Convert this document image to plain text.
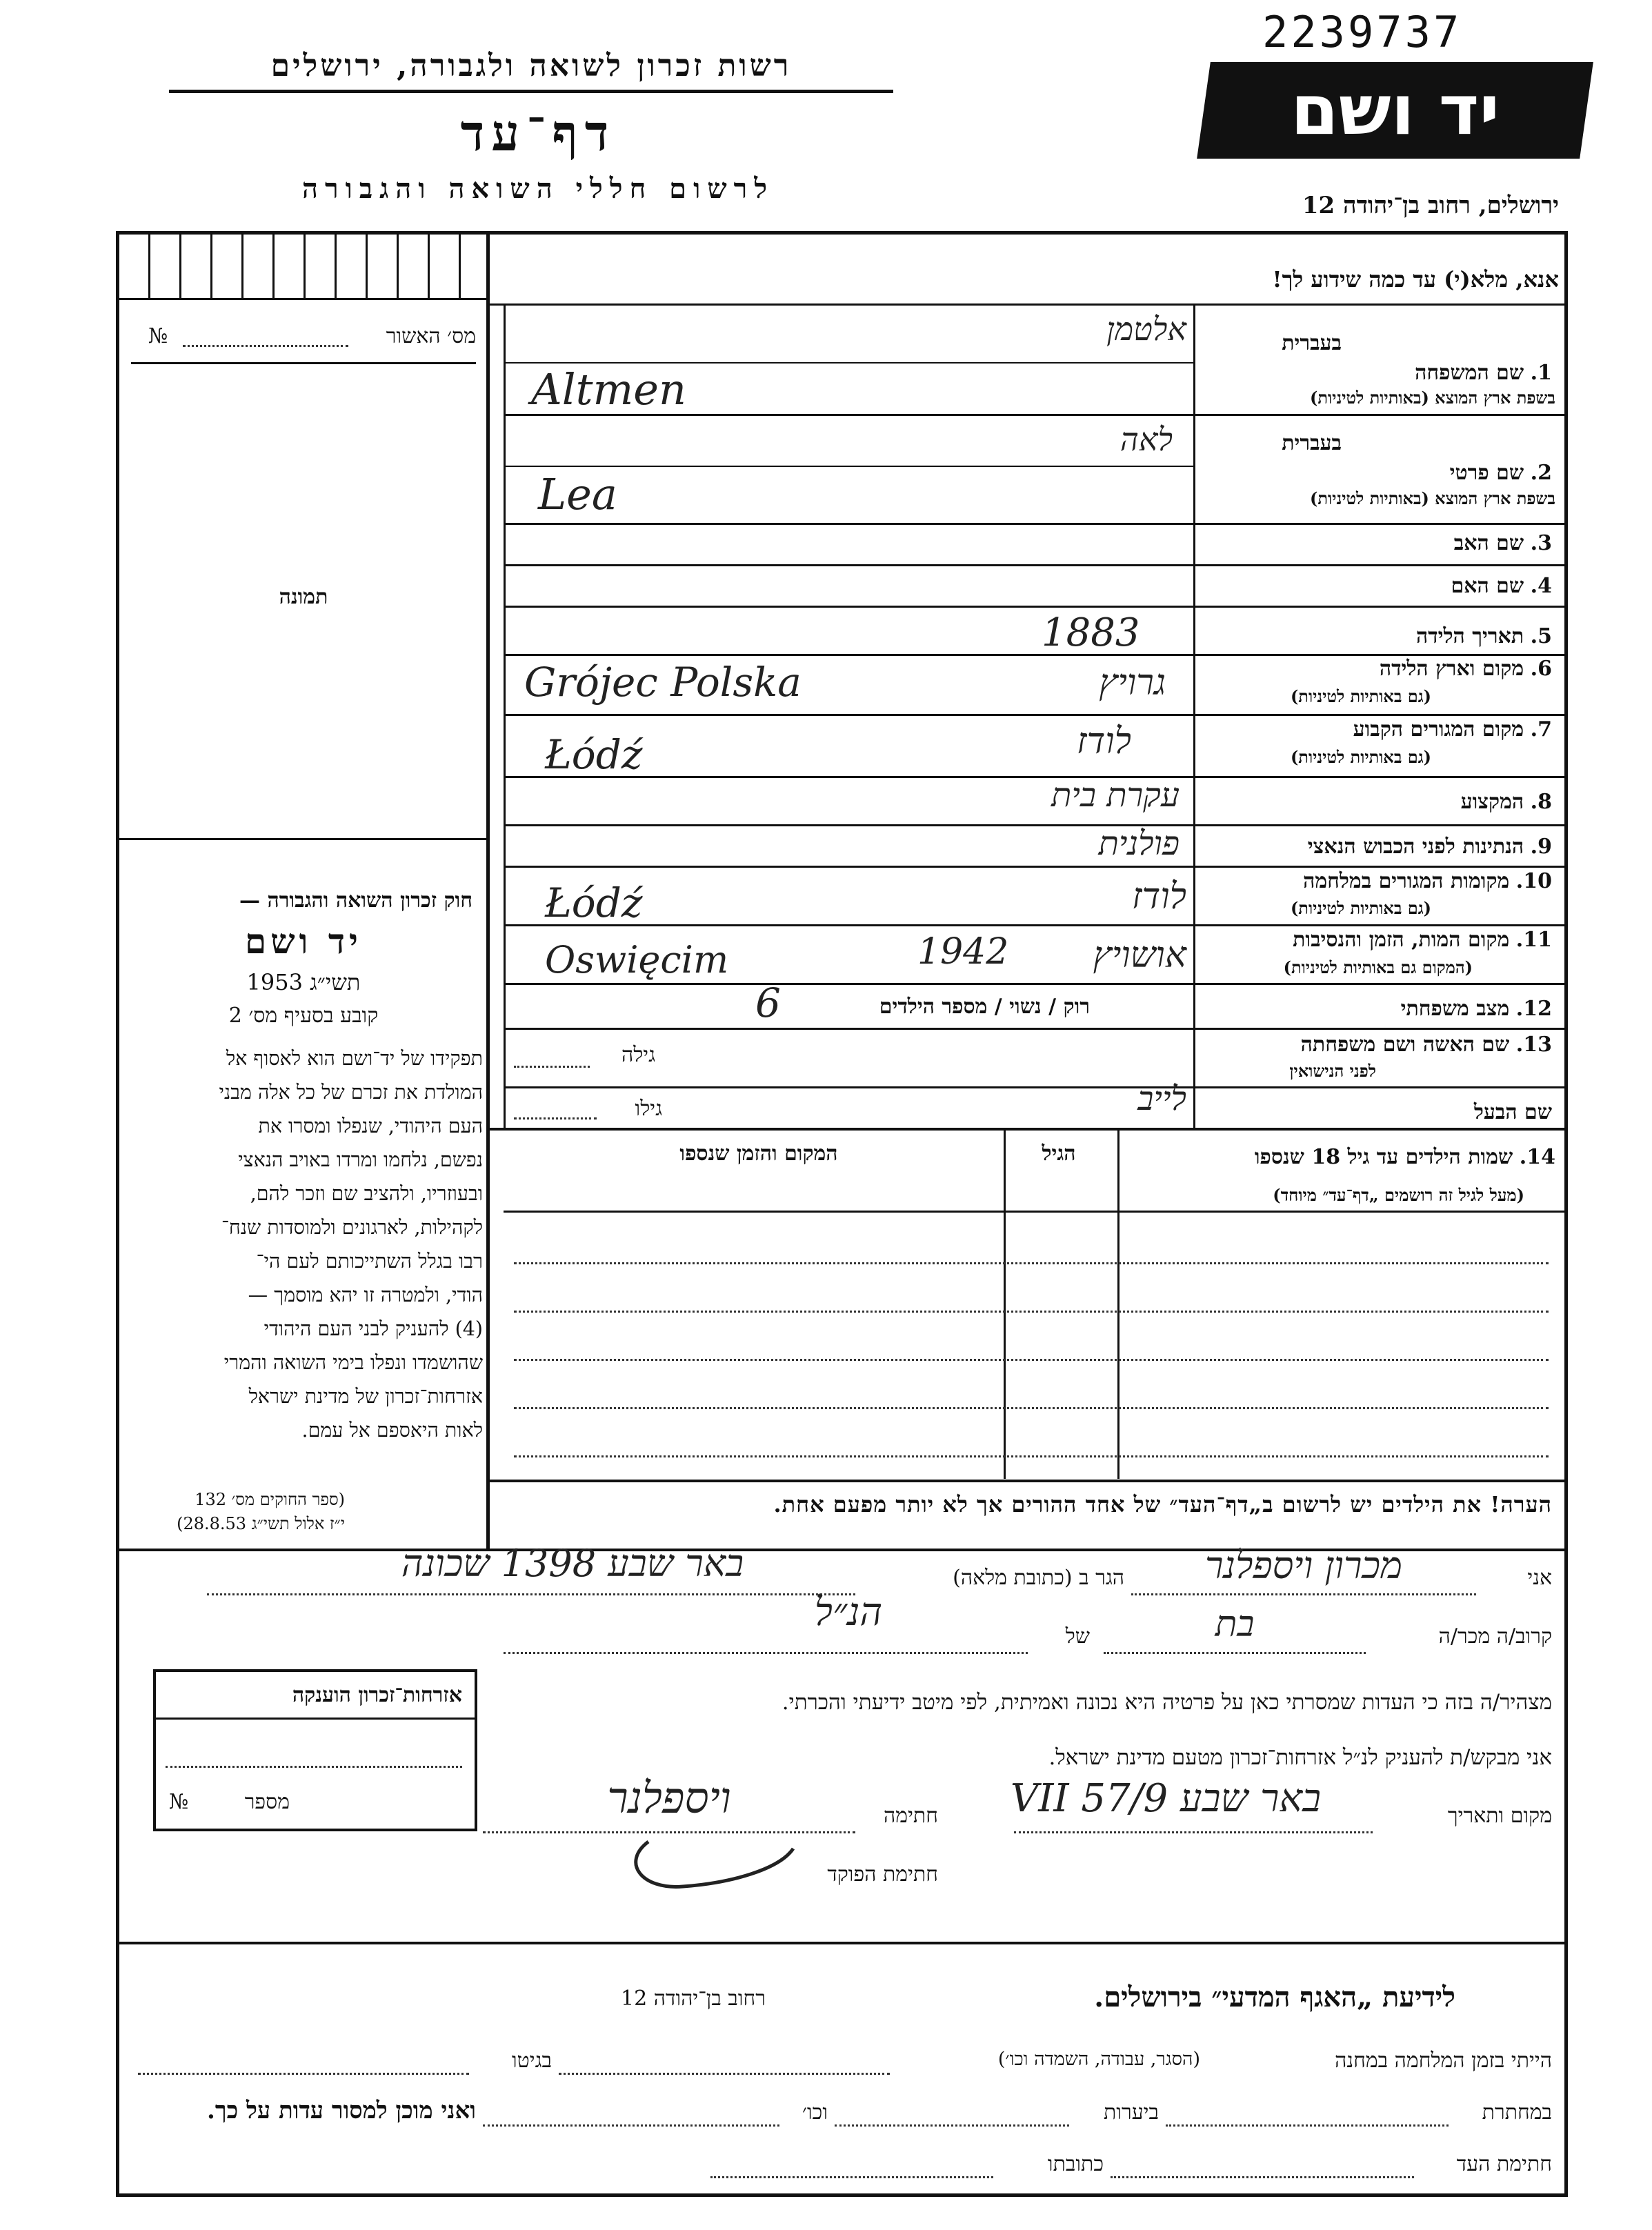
2239737
רשות זכרון לשואה ולגבורה, ירושלים
דף־עד
לרשום חללי השואה והגבורה
יד ושם
ירושלים, רחוב בן־יהודה 12
מס׳ האשור
№
תמונה
חוק זכרון השואה והגבורה —
יד ושם
תשי״ג 1953
קובע בסעיף מס׳ 2
תפקידו של יד־ושם הוא לאסוף אל
המולדת את זכרם של כל אלה מבני
העם היהודי, שנפלו ומסרו את
נפשם, נלחמו ומרדו באויב הנאצי
ובעוזריו, ולהציב שם וזכר להם,
לקהילות, לארגונים ולמוסדות שנח־
רבו בגלל השתייכותם לעם הי־
הודי, ולמטרה זו יהא מוסמך —
(4) להעניק לבני העם היהודי
שהושמדו ונפלו בימי השואה והמרי
אזרחות־זכרון של מדינת ישראל
לאות היאספם אל עמם.
(ספר החוקים מס׳ 132
י״ז אלול תשי״ג 28.8.53)
אזרחות־זכרון הוענקה
מספר
№
אנא, מלא(י) עד כמה שידוע לך!
בעברית
1. שם המשפחה
בשפת ארץ המוצא (באותיות לטיניות)
אלטמן
Altmen
בעברית
2. שם פרטי
בשפת ארץ המוצא (באותיות לטיניות)
לאה
Lea
3. שם האב
4. שם האם
5. תאריך הלידה
1883
6. מקום וארץ הלידה
(גם באותיות לטיניות)
גרויץ
Grójec Polska
7. מקום המגורים הקבוע
(גם באותיות לטיניות)
לודז
Łódź
8. המקצוע
עקרת בית
9. הנתינות לפני הכבוש הנאצי
פולנית
10. מקומות המגורים במלחמה
(גם באותיות לטיניות)
לודז
Łódź
11. מקום המות, הזמן והנסיבות
(המקום גם באותיות לטיניות)
אושויץ
1942
Oswięcim
12. מצב משפחתי
רוק / נשוי / מספר הילדים
6
13. שם האשה ושם משפחתה
לפני הנישואין
גילה
שם הבעל
גילו	לייב
14. שמות הילדים עד גיל 18 שנספו
(מעל לגיל זה רושמים „דף־עד״ מיוחד)
הגיל
המקום והזמן שנספו
הערה! את הילדים יש לרשום ב„דף־העד״ של אחד ההורים אך לא יותר מפעם אחת.
אני
מכרון ויספלנר
הגר ב (כתובת מלאה)
באר שבע 1398 שכונה
קרוב/ה מכר/ה
בת
של
הנ״ל
מצהיר/ה בזה כי העדות שמסרתי כאן על פרטיה היא נכונה ואמיתית, לפי מיטב ידיעתי והכרתי.
אני מבקש/ת להעניק לנ״ל אזרחות־זכרון מטעם מדינת ישראל.
מקום ותאריך
באר שבע 9/VII 57
חתימה
ויספלנר
חתימת הפוקד
לידיעת „האגף המדעי״ בירושלים.
רחוב בן־יהודה 12
הייתי בזמן המלחמה במחנה
(הסגר, עבודה, השמדה וכו׳)
בגיטו
במחתרת
ביערות
וכו׳
ואני מוכן למסור עדות על כך.
חתימת העד
כתובתו
